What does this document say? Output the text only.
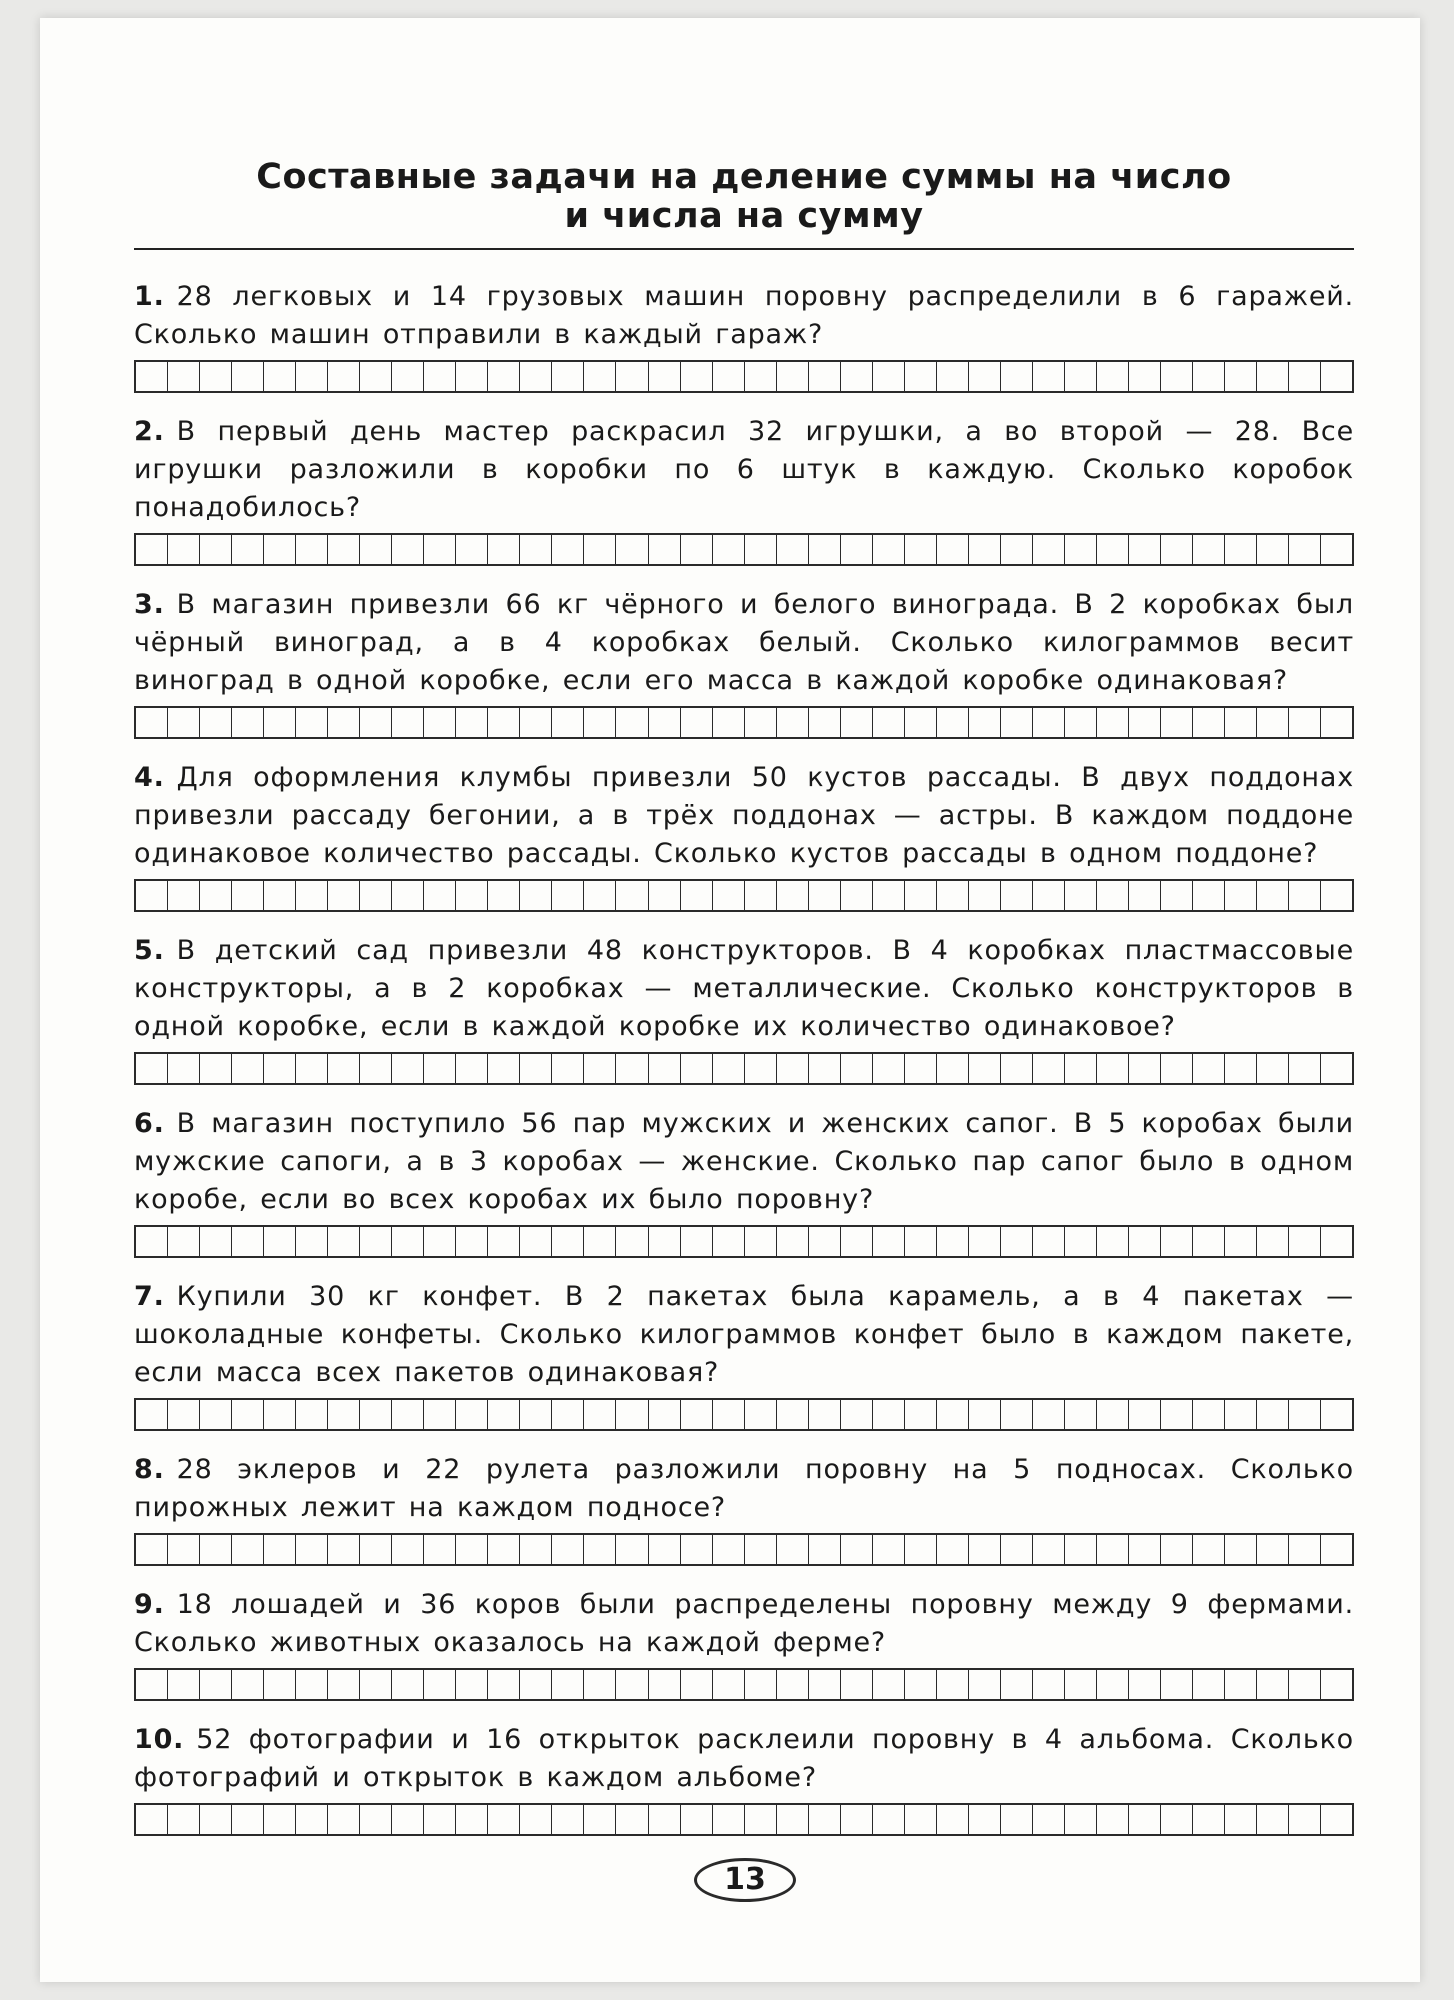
Составные задачи на деление суммы на число
и числа на сумму

1. 28 легковых и 14 грузовых машин поровну распределили в 6 гаражей. Сколько машин отправили в каждый гараж?

2. В первый день мастер раскрасил 32 игрушки, а во второй — 28. Все игрушки разложили в коробки по 6 штук в каждую. Сколько коробок понадобилось?

3. В магазин привезли 66 кг чёрного и белого винограда. В 2 коробках был чёрный виноград, а в 4 коробках белый. Сколько килограммов весит виноград в одной коробке, если его масса в каждой коробке одинаковая?

4. Для оформления клумбы привезли 50 кустов рассады. В двух поддонах привезли рассаду бегонии, а в трёх поддонах — астры. В каждом поддоне одинаковое количество рассады. Сколько кустов рассады в одном поддоне?

5. В детский сад привезли 48 конструкторов. В 4 коробках пластмассовые конструкторы, а в 2 коробках — металлические. Сколько конструкторов в одной коробке, если в каждой коробке их количество одинаковое?

6. В магазин поступило 56 пар мужских и женских сапог. В 5 коробах были мужские сапоги, а в 3 коробах — женские. Сколько пар сапог было в одном коробе, если во всех коробах их было поровну?

7. Купили 30 кг конфет. В 2 пакетах была карамель, а в 4 пакетах — шоколадные конфеты. Сколько килограммов конфет было в каждом пакете, если масса всех пакетов одинаковая?

8. 28 эклеров и 22 рулета разложили поровну на 5 подносах. Сколько пирожных лежит на каждом подносе?

9. 18 лошадей и 36 коров были распределены поровну между 9 фермами. Сколько животных оказалось на каждой ферме?

10. 52 фотографии и 16 открыток расклеили поровну в 4 альбома. Сколько фотографий и открыток в каждом альбоме?

13
